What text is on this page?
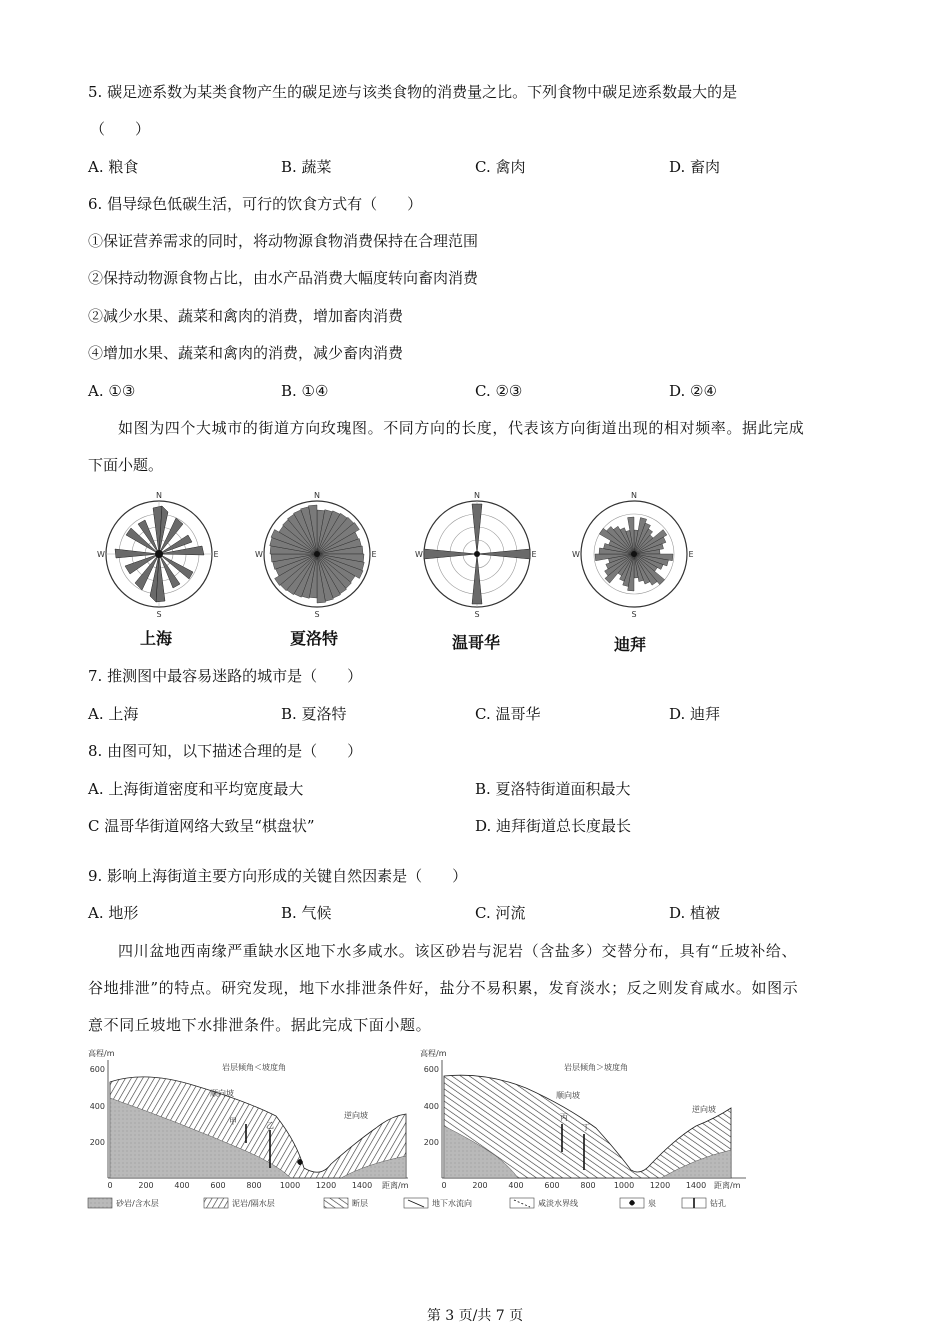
5. 碳足迹系数为某类食物产生的碳足迹与该类食物的消费量之比。下列食物中碳足迹系数最大的是
（　　）
A. 粮食	B. 蔬菜	C. 禽肉	D. 畜肉
6. 倡导绿色低碳生活，可行的饮食方式有（　　）
①保证营养需求的同时，将动物源食物消费保持在合理范围
②保持动物源食物占比，由水产品消费大幅度转向畜肉消费
②减少水果、蔬菜和禽肉的消费，增加畜肉消费
④增加水果、蔬菜和禽肉的消费，减少畜肉消费
A. ①③	B. ①④	C. ②③	D. ②④
如图为四个大城市的街道方向玫瑰图。不同方向的长度，代表该方向街道出现的相对频率。据此完成
下面小题。
N
S
E
W
上海
N
S
E
W
夏洛特
N
S
E
W
温哥华
N
S
E
W
迪拜
7. 推测图中最容易迷路的城市是（　　）
A. 上海	B. 夏洛特	C. 温哥华	D. 迪拜
8. 由图可知，以下描述合理的是（　　）
A. 上海街道密度和平均宽度最大	B. 夏洛特街道面积最大
C 温哥华街道网络大致呈“棋盘状”	D. 迪拜街道总长度最长
9. 影响上海街道主要方向形成的关键自然因素是（　　）
A. 地形	B. 气候	C. 河流	D. 植被
四川盆地西南缘严重缺水区地下水多咸水。该区砂岩与泥岩（含盐多）交替分布，具有“丘坡补给、
谷地排泄”的特点。研究发现，地下水排泄条件好，盐分不易积累，发育淡水；反之则发育咸水。如图示
意不同丘坡地下水排泄条件。据此完成下面小题。
高程/m
岩层倾角＜坡度角
600
400
200
甲	乙
顺向坡
逆向坡
0	200	400	600	800 1000 1200 1400 距离/m
高程/m
岩层倾角＞坡度角
600
400
200
丙
丁
顺向坡
逆向坡
0	200	400	600	800 1000 1200 1400 距离/m
砂岩/含水层	泥岩/隔水层	断层	地下水流向	咸淡水界线	泉	钻孔
第 3 页/共 7 页
